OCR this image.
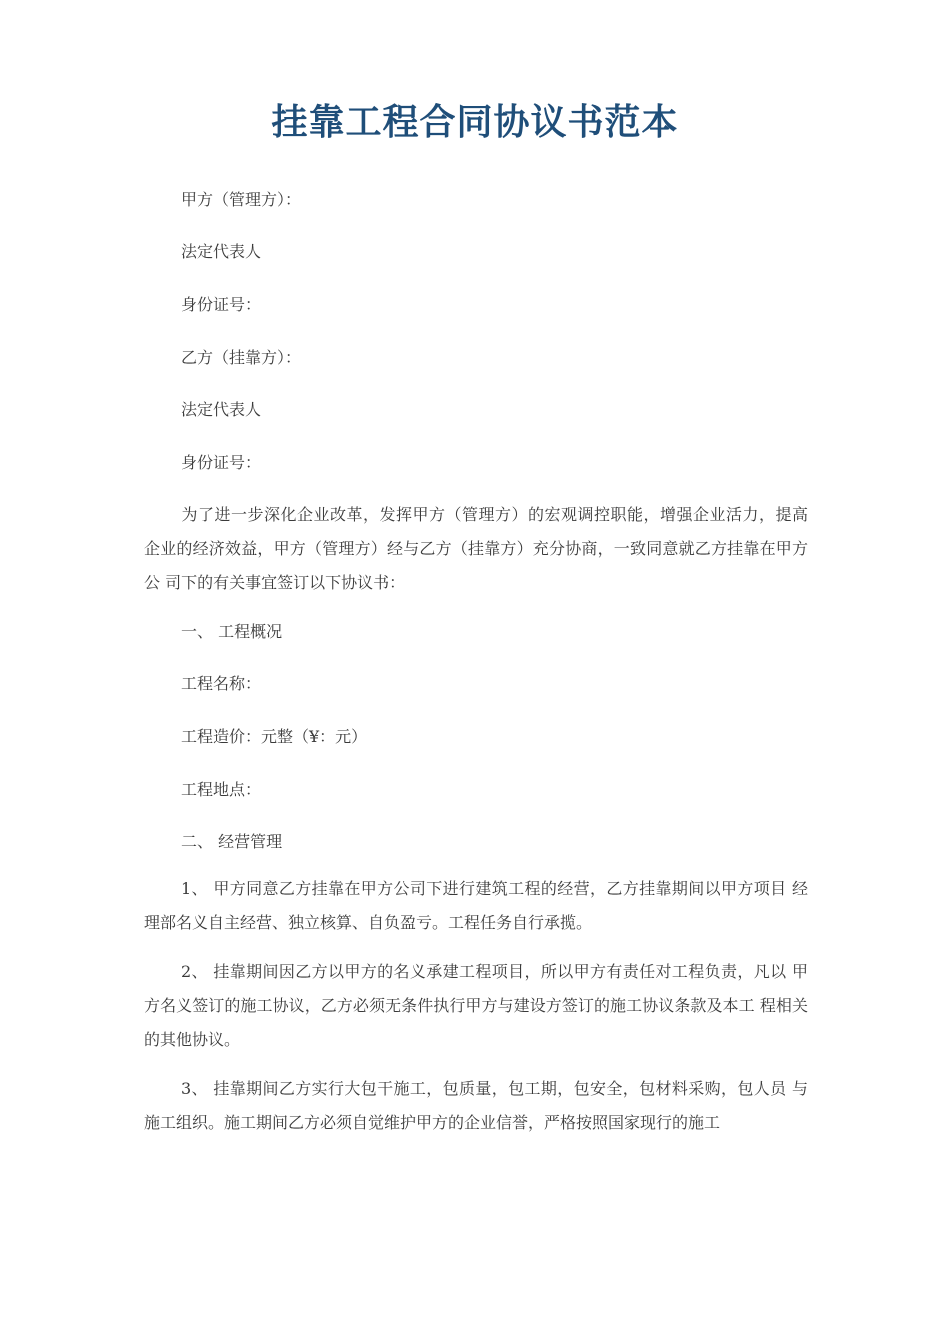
挂靠工程合同协议书范本
甲方（管理方）：
法定代表人
身份证号：
乙方（挂靠方）：
法定代表人
身份证号：

为了进一步深化企业改革，发挥甲方（管理方）的宏观调控职能，增强企业活力，提高 企业的经济效益，甲方（管理方）经与乙方（挂靠方）充分协商，一致同意就乙方挂靠在甲方公 司下的有关事宜签订以下协议书：

一、 工程概况
工程名称：
工程造价：元整（¥：元）
工程地点：
二、 经营管理

1、 甲方同意乙方挂靠在甲方公司下进行建筑工程的经营，乙方挂靠期间以甲方项目 经理部名义自主经营、独立核算、自负盈亏。工程任务自行承揽。

2、 挂靠期间因乙方以甲方的名义承建工程项目，所以甲方有责任对工程负责，凡以 甲方名义签订的施工协议，乙方必须无条件执行甲方与建设方签订的施工协议条款及本工 程相关的其他协议。

3、 挂靠期间乙方实行大包干施工，包质量，包工期，包安全，包材料采购，包人员 与施工组织。施工期间乙方必须自觉维护甲方的企业信誉，严格按照国家现行的施工
